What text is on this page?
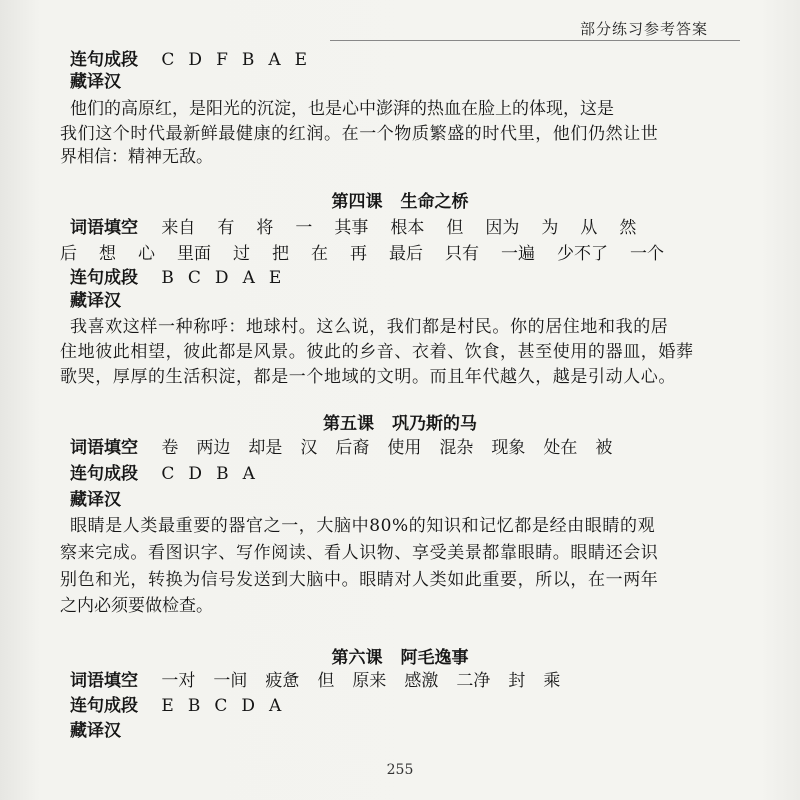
部分练习参考答案
连句成段 C D F B A E
藏译汉
他们的高原红，是阳光的沉淀，也是心中澎湃的热血在脸上的体现，这是
我们这个时代最新鲜最健康的红润。在一个物质繁盛的时代里，他们仍然让世
界相信：精神无敌。
第四课 生命之桥
词语填空 来自 有 将 一 其事 根本 但 因为 为 从 然
后 想 心 里面 过 把 在 再 最后 只有 一遍 少不了 一个
连句成段 B C D A E
藏译汉
我喜欢这样一种称呼：地球村。这么说，我们都是村民。你的居住地和我的居
住地彼此相望，彼此都是风景。彼此的乡音、衣着、饮食，甚至使用的器皿，婚葬
歌哭，厚厚的生活积淀，都是一个地域的文明。而且年代越久，越是引动人心。
第五课 巩乃斯的马
词语填空 卷 两边 却是 汉 后裔 使用 混杂 现象 处在 被
连句成段 C D B A
藏译汉
眼睛是人类最重要的器官之一，大脑中80%的知识和记忆都是经由眼睛的观
察来完成。看图识字、写作阅读、看人识物、享受美景都靠眼睛。眼睛还会识
别色和光，转换为信号发送到大脑中。眼睛对人类如此重要，所以，在一两年
之内必须要做检查。
第六课 阿毛逸事
词语填空 一对 一间 疲惫 但 原来 感激 二净 封 乘
连句成段 E B C D A
藏译汉
255
